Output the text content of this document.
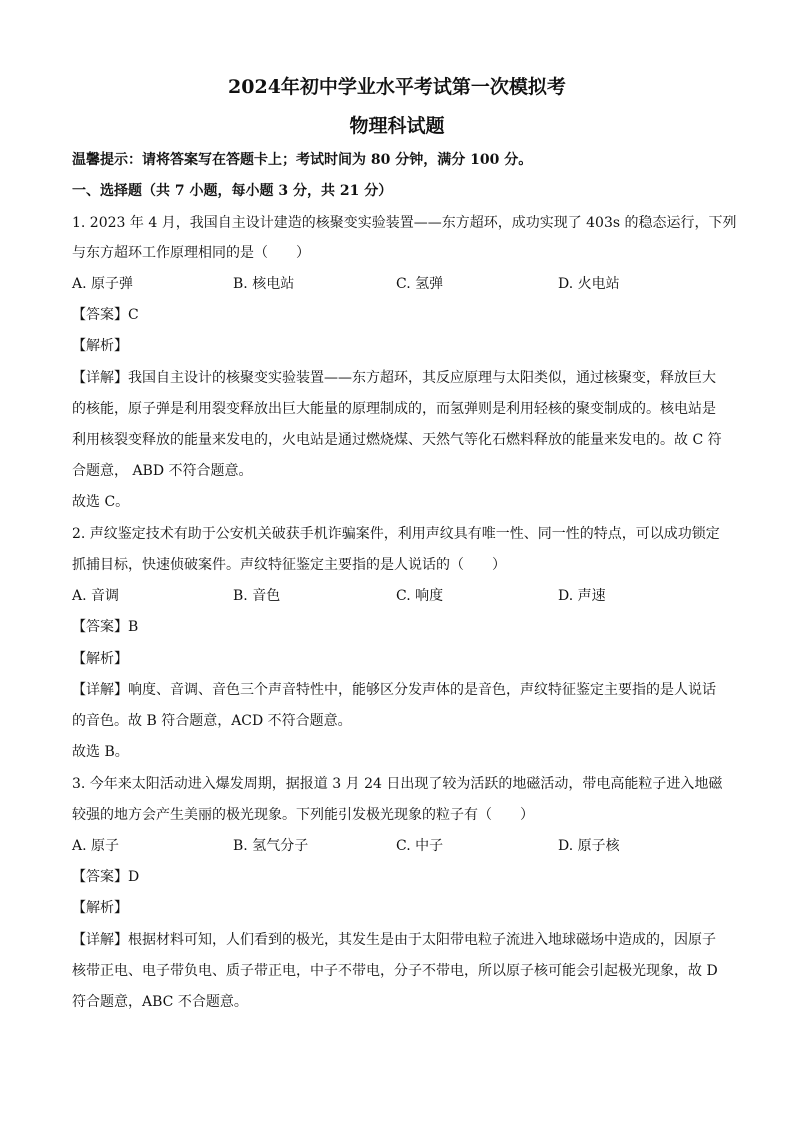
2024年初中学业水平考试第一次模拟考
物理科试题
温馨提示：请将答案写在答题卡上；考试时间为 80 分钟，满分 100 分。
一、选择题（共 7 小题，每小题 3 分，共 21 分）
1. 2023 年 4 月，我国自主设计建造的核聚变实验装置——东方超环，成功实现了 403s 的稳态运行，下列
与东方超环工作原理相同的是（　　）
A. 原子弹	B. 核电站	C. 氢弹	D. 火电站
【答案】C
【解析】
【详解】我国自主设计的核聚变实验装置——东方超环，其反应原理与太阳类似，通过核聚变，释放巨大
的核能，原子弹是利用裂变释放出巨大能量的原理制成的，而氢弹则是利用轻核的聚变制成的。核电站是
利用核裂变释放的能量来发电的，火电站是通过燃烧煤、天然气等化石燃料释放的能量来发电的。故 C 符
合题意， ABD 不符合题意。
故选 C。
2. 声纹鉴定技术有助于公安机关破获手机诈骗案件，利用声纹具有唯一性、同一性的特点，可以成功锁定
抓捕目标，快速侦破案件。声纹特征鉴定主要指的是人说话的（　　）
A. 音调	B. 音色	C. 响度	D. 声速
【答案】B
【解析】
【详解】响度、音调、音色三个声音特性中，能够区分发声体的是音色，声纹特征鉴定主要指的是人说话
的音色。故 B 符合题意，ACD 不符合题意。
故选 B。
3. 今年来太阳活动进入爆发周期，据报道 3 月 24 日出现了较为活跃的地磁活动，带电高能粒子进入地磁
较强的地方会产生美丽的极光现象。下列能引发极光现象的粒子有（　　）
A. 原子	B. 氢气分子	C. 中子	D. 原子核
【答案】D
【解析】
【详解】根据材料可知，人们看到的极光，其发生是由于太阳带电粒子流进入地球磁场中造成的，因原子
核带正电、电子带负电、质子带正电，中子不带电，分子不带电，所以原子核可能会引起极光现象，故 D
符合题意，ABC 不合题意。
